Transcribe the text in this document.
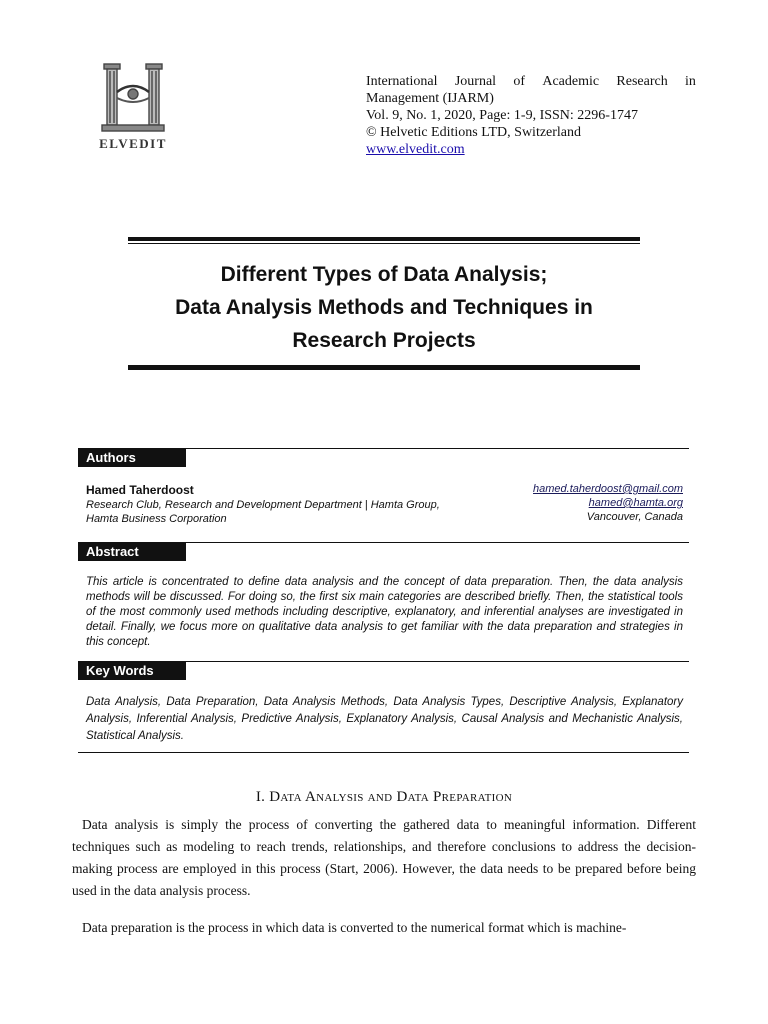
ELVEDIT
International Journal of Academic Research in
Management (IJARM)
Vol. 9, No. 1, 2020, Page: 1-9, ISSN: 2296-1747
© Helvetic Editions LTD, Switzerland
www.elvedit.com
Different Types of Data Analysis;
Data Analysis Methods and Techniques in
Research Projects
Authors
Hamed Taherdoost
Research Club, Research and Development Department | Hamta Group,
Hamta Business Corporation
hamed.taherdoost@gmail.com
hamed@hamta.org
Vancouver, Canada
Abstract
This article is concentrated to define data analysis and the concept of data preparation. Then, the data analysis methods will be discussed. For doing so, the first six main categories are described briefly. Then, the statistical tools of the most commonly used methods including descriptive, explanatory, and inferential analyses are investigated in detail. Finally, we focus more on qualitative data analysis to get familiar with the data preparation and strategies in this concept.
Key Words
Data Analysis, Data Preparation, Data Analysis Methods, Data Analysis Types, Descriptive Analysis, Explanatory Analysis, Inferential Analysis, Predictive Analysis, Explanatory Analysis, Causal Analysis and Mechanistic Analysis, Statistical Analysis.
I. Data Analysis and Data Preparation
Data analysis is simply the process of converting the gathered data to meaningful information. Different techniques such as modeling to reach trends, relationships, and therefore conclusions to address the decision-making process are employed in this process (Start, 2006). However, the data needs to be prepared before being used in the data analysis process.
Data preparation is the process in which data is converted to the numerical format which is machine-
